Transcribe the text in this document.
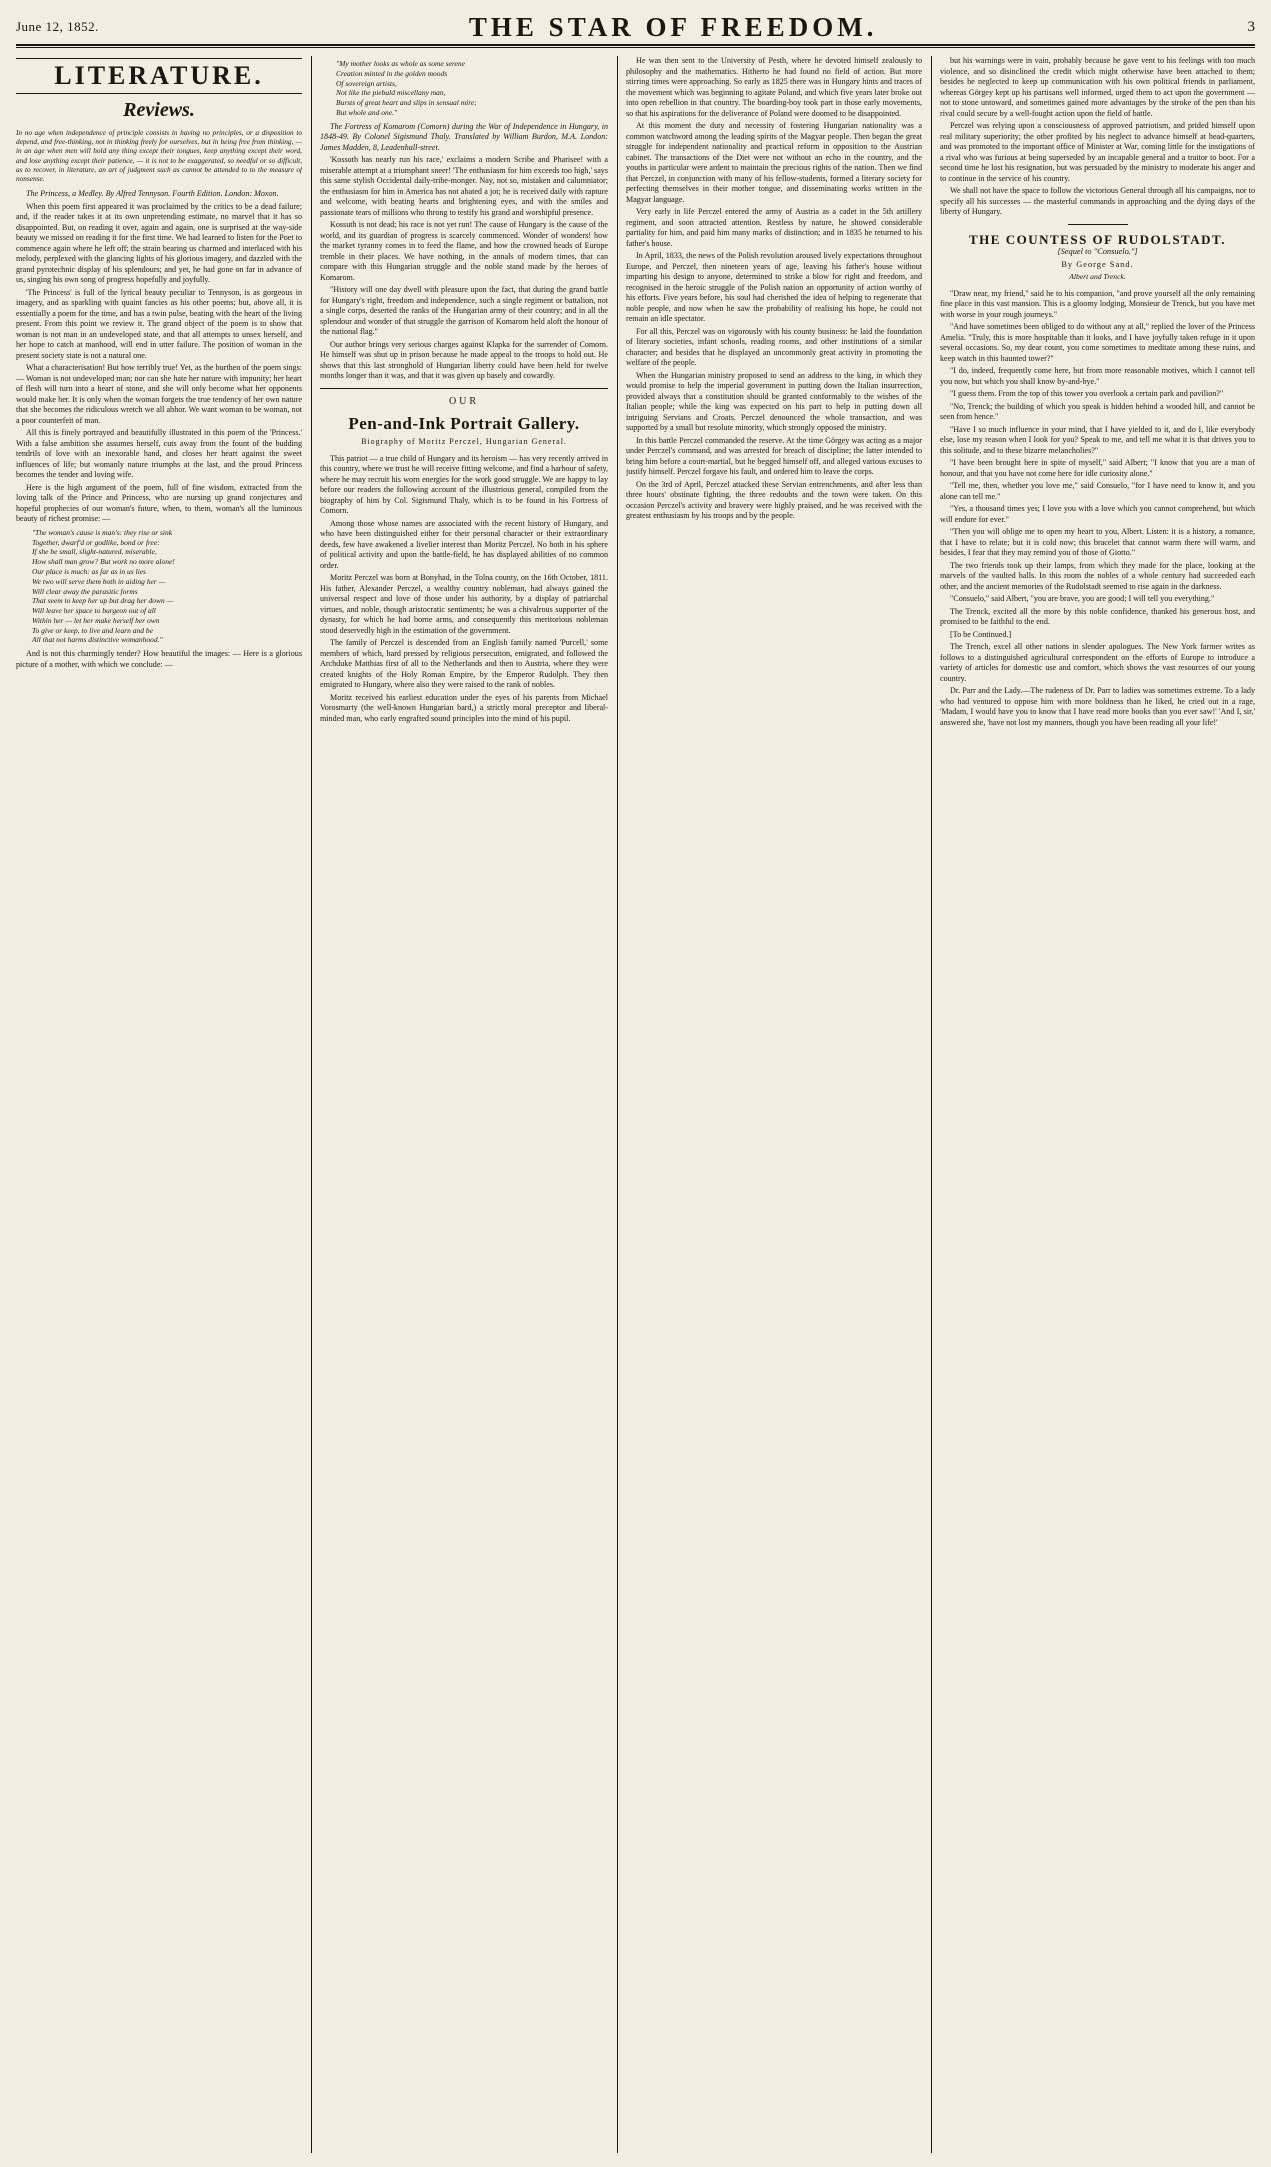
June 12, 1852.	THE STAR OF FREEDOM.	3
LITERATURE.
Reviews.
In no age when independence of principle consists in having no principles, or a disposition to depend, and free-thinking, not in thinking freely for ourselves, but in being free from thinking, — in an age when men will hold any thing except their tongues, keep anything except their word, and lose anything except their patience, — it is not to be exaggerated, so needful or so difficult, as to recover, in literature, an art of judgment such as cannot be attended to to the measure of nonsense.

The Princess, a Medley. By Alfred Tennyson. Fourth Edition. London: Moxon.

When this poem first appeared it was proclaimed by the critics to be a dead failure; and, if the reader takes it at its own unpretending estimate, no marvel that it has so disappointed. But, on reading it over, again and again, one is surprised at the way-side beauty we missed on reading it for the first time. We had learned to listen for the Poet to commence again where he left off; the strain bearing us charmed and interlaced with his melody, perplexed with the glancing lights of his glorious imagery, and dazzled with the grand pyrotechnic display of his splendours; and yet, he had gone on far in advance of us, singing his own song of progress hopefully and joyfully.

'The Princess' is full of the lyrical beauty peculiar to Tennyson, is as gorgeous in imagery, and as sparkling with quaint fancies as his other poems; but, above all, it is essentially a poem for the time, and has a twin pulse, beating with the heart of the living present. From this point we review it. The grand object of the poem is to show that woman is not man in an undeveloped state, and that all attempts to unsex herself, and her hope to catch at manhood, will end in utter failure. The position of woman in the present society state is not a natural one.

What a characterisation! But how terribly true! Yet, as the burthen of the poem sings: — Woman is not undeveloped man; nor can she hate her nature with impunity; her heart of flesh will turn into a heart of stone, and she will only become what her opponents would make her. It is only when the woman forgets the true tendency of her own nature that she becomes the ridiculous wretch we all abhor. We want woman to be woman, not a poor counterfeit of man.

All this is finely portrayed and beautifully illustrated in this poem of the 'Princess.' With a false ambition she assumes herself, cuts away from the fount of the budding tendrils of love with an inexorable hand, and closes her heart against the sweet influences of life; but womanly nature triumphs at the last, and the proud Princess becomes the tender and loving wife.

Here is the high argument of the poem, full of fine wisdom, extracted from the loving talk of the Prince and Princess, who are nursing up grand conjectures and hopeful prophecies of our woman's future, when, to them, woman's all the luminous beauty of richest promise: —

"The woman's cause is man's: they rise or sink
Together, dwarf'd or godlike, bond or free:
If she be small, slight-natured, miserable,
How shall man grow? But work no more alone!
Our place is much: as far as in us lies
We two will serve them both in aiding her —
Will clear away the parasitic forms
That seem to keep her up but drag her down —
Will leave her space to burgeon out of all
Within her — let her make herself her own
To give or keep, to live and learn and be
All that not harms distinctive womanhood."

And is not this charmingly tender? How beautiful the images: — Here is a glorious picture of a mother, with which we conclude: —

"My mother looks as whole as some serene
Creation minted in the golden moods
Of sovereign artists,
Not like the piebald miscellany man,
Bursts of great heart and slips in sensual mire;
But whole and one."

The Fortress of Komarom (Comorn) during the War of Independence in Hungary, in 1848-49. By Colonel Sigismund Thaly. Translated by William Burdon, M.A. London: James Madden, 8, Leadenhall-street.

'Kossuth has nearly run his race,' exclaims a modern Scribe and Pharisee! with a miserable attempt at a triumphant sneer! 'The enthusiasm for him exceeds too high,' says this same stylish Occidental daily-tribe-monger. Nay, not so, mistaken and calumniator; the enthusiasm for him in America has not abated a jot; he is received daily with rapture and welcome, with beating hearts and brightening eyes, and with the smiles and passionate tears of millions who throng to testify his grand and worshipful presence.

Kossuth is not dead; his race is not yet run! The cause of Hungary is the cause of the world, and its guardian of progress is scarcely commenced. Wonder of wonders! how the market tyranny comes in to feed the flame, and how the crowned heads of Europe tremble in their places. We have nothing, in the annals of modern times, that can compare with this Hungarian struggle and the noble stand made by the heroes of Komarom.

"History will one day dwell with pleasure upon the fact, that during the grand battle for Hungary's right, freedom and independence, such a single regiment or battalion, not a single corps, deserted the ranks of the Hungarian army of their country; and in all the splendour and wonder of that struggle the garrison of Komarom held aloft the honour of the national flag."

Our author brings very serious charges against Klapka for the surrender of Comorn. He himself was shut up in prison because he made appeal to the troops to hold out. He shows that this last stronghold of Hungarian liberty could have been held for twelve months longer than it was, and that it was given up basely and cowardly.

OUR
Pen-and-Ink Portrait Gallery.
Biography of Moritz Perczel, Hungarian General.

This patriot — a true child of Hungary and its heroism — has very recently arrived in this country, where we trust he will receive fitting welcome, and find a harbour of safety, where he may recruit his worn energies for the work good struggle. We are happy to lay before our readers the following account of the illustrious general, compiled from the biography of him by Col. Sigismund Thaly, which is to be found in his Fortress of Comorn.

Among those whose names are associated with the recent history of Hungary, and who have been distinguished either for their personal character or their extraordinary deeds, few have awakened a livelier interest than Moritz Perczel. No both in his sphere of political activity and upon the battle-field, he has displayed abilities of no common order.

Moritz Perczel was born at Bonyhad, in the Tolna county, on the 16th October, 1811. His father, Alexander Perczel, a wealthy country nobleman, had always gained the universal respect and love of those under his authority, by a display of patriarchal virtues, and noble, though aristocratic sentiments; he was a chivalrous supporter of the dynasty, for which he had borne arms, and consequently this meritorious nobleman stood deservedly high in the estimation of the government.

The family of Perczel is descended from an English family named 'Purcell,' some members of which, hard pressed by religious persecution, emigrated, and followed the Archduke Matthias first of all to the Netherlands and then to Austria, where they were created knights of the Holy Roman Empire, by the Emperor Rudolph. They then emigrated to Hungary, where also they were raised to the rank of nobles.

Moritz received his earliest education under the eyes of his parents from Michael Vorosmarty (the well-known Hungarian bard,) a strictly moral preceptor and liberal-minded man, who early engrafted sound principles into the mind of his pupil.

He was then sent to the University of Pesth, where he devoted himself zealously to philosophy and the mathematics. Hitherto he had found no field of action. But more stirring times were approaching. So early as 1825 there was in Hungary hints and traces of the movement which was beginning to agitate Poland, and which five years later broke out into open rebellion in that country. The boarding-boy took part in those early movements, so that his aspirations for the deliverance of Poland were doomed to be disappointed.

At this moment the duty and necessity of fostering Hungarian nationality was a common watchword among the leading spirits of the Magyar people. Then began the great struggle for independent nationality and practical reform in opposition to the Austrian cabinet. The transactions of the Diet were not without an echo in the country, and the youths in particular were ardent to maintain the precious rights of the nation. Then we find that Perczel, in conjunction with many of his fellow-students, formed a literary society for perfecting themselves in their mother tongue, and disseminating works written in the Magyar language.

Very early in life Perczel entered the army of Austria as a cadet in the 5th artillery regiment, and soon attracted attention. Restless by nature, he showed considerable partiality for him, and paid him many marks of distinction; and in 1835 he returned to his father's house.

In April, 1833, the news of the Polish revolution aroused lively expectations throughout Europe, and Perczel, then nineteen years of age, leaving his father's house without imparting his design to anyone, determined to strike a blow for right and freedom, and recognised in the heroic struggle of the Polish nation an opportunity of action worthy of his efforts. Five years before, his soul had cherished the idea of helping to regenerate that noble people, and now when he saw the probability of realising his hope, he could not remain an idle spectator.

For all this, Perczel was on vigorously with his county business: he laid the foundation of literary societies, infant schools, reading rooms, and other institutions of a similar character; and besides that he displayed an uncommonly great activity in promoting the welfare of the people.

When the Hungarian ministry proposed to send an address to the king, in which they would promise to help the imperial government in putting down the Italian insurrection, provided always that a constitution should be granted conformably to the wishes of the Italian people; while the king was expected on his part to help in putting down all intriguing Servians and Croats. Perczel denounced the whole transaction, and was supported by a small but resolute minority, which strongly opposed the ministry.

In this battle Perczel commanded the reserve. At the time Görgey was acting as a major under Perczel's command, and was arrested for breach of discipline; the latter intended to bring him before a court-martial, but he begged himself off, and alleged various excuses to justify himself. Perczel forgave his fault, and ordered him to leave the corps.

On the 3rd of April, Perczel attacked these Servian entrenchments, and after less than three hours' obstinate fighting, the three redoubts and the town were taken. On this occasion Perczel's activity and bravery were highly praised, and he was received with the greatest enthusiasm by his troops and by the people.

but his warnings were in vain, probably because he gave vent to his feelings with too much violence, and so disinclined the credit which might otherwise have been attached to them; besides he neglected to keep up communication with his own political friends in parliament, whereas Görgey kept up his partisans well informed, urged them to act upon the government — not to stone untoward, and sometimes gained more advantages by the stroke of the pen than his rival could secure by a well-fought action upon the field of battle.

Perczel was relying upon a consciousness of approved patriotism, and prided himself upon real military superiority; the other profited by his neglect to advance himself at head-quarters, and was promoted to the important office of Minister at War, coming little for the instigations of a rival who was furious at being superseded by an incapable general and a traitor to boot. For a second time he lost his resignation, but was persuaded by the ministry to moderate his anger and to continue in the service of his country.

We shall not have the space to follow the victorious General through all his campaigns, nor to specify all his successes — the masterful commands in approaching and the dying days of the liberty of Hungary.

THE COUNTESS OF RUDOLSTADT.
[Sequel to "Consuelo."]
By George Sand.
Albert and Trenck.

"Draw near, my friend," said he to his companion, "and prove yourself all the only remaining fine place in this vast mansion. This is a gloomy lodging, Monsieur de Trenck, but you have met with worse in your rough journeys."

"And have sometimes been obliged to do without any at all," replied the lover of the Princess Amelia. "Truly, this is more hospitable than it looks, and I have joyfully taken refuge in it upon several occasions. So, my dear count, you come sometimes to meditate among these ruins, and keep watch in this haunted tower?"

"I do, indeed, frequently come here, but from more reasonable motives, which I cannot tell you now, but which you shall know by-and-bye."

"I guess them. From the top of this tower you overlook a certain park and pavilion?"

"No, Trenck; the building of which you speak is hidden behind a wooded hill, and cannot be seen from hence."

"Have I so much influence in your mind, that I have yielded to it, and do I, like everybody else, lose my reason when I look for you? Speak to me, and tell me what it is that drives you to this solitude, and to these bizarre melancholies?"

"I have been brought here in spite of myself," said Albert; "I know that you are a man of honour, and that you have not come here for idle curiosity alone."

"Tell me, then, whether you love me," said Consuelo, "for I have need to know it, and you alone can tell me."

"Yes, a thousand times yes; I love you with a love which you cannot comprehend, but which will endure for ever."

"Then you will oblige me to open my heart to you, Albert. Listen: it is a history, a romance, that I have to relate; but it is cold now; this bracelet that cannot warm there will warm, and besides, I fear that they may remind you of those of Giotto."

The two friends took up their lamps, from which they made for the place, looking at the marvels of the vaulted halls. In this room the nobles of a whole century had succeeded each other, and the ancient memories of the Rudolstadt seemed to rise again in the darkness.

"Consuelo," said Albert, "you are brave, you are good; I will tell you everything."

The Trenck, excited all the more by this noble confidence, thanked his generous host, and promised to be faithful to the end.

[To be Continued.]

The Trench, excel all other nations in slender apologues. The New York farmer writes as follows to a distinguished agricultural correspondent on the efforts of Europe to introduce a variety of articles for domestic use and comfort, which shows the vast resources of our young country.

Dr. Parr and the Lady.—The rudeness of Dr. Parr to ladies was sometimes extreme. To a lady who had ventured to oppose him with more boldness than he liked, he cried out in a rage, 'Madam, I would have you to know that I have read more books than you ever saw!' 'And I, sir,' answered she, 'have not lost my manners, though you have been reading all your life!'
